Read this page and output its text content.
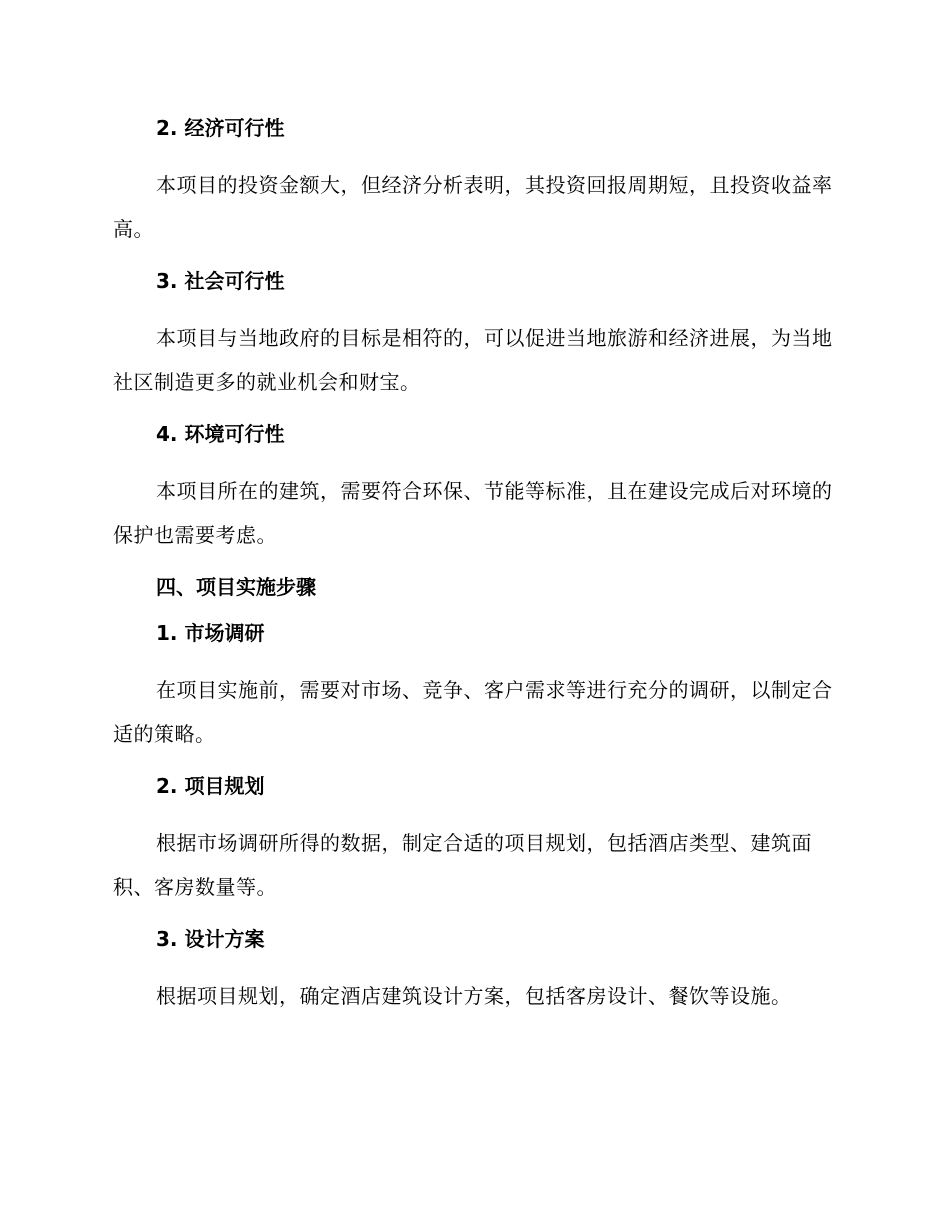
2. 经济可行性

本项目的投资金额大，但经济分析表明，其投资回报周期短，且投资收益率高。

3. 社会可行性

本项目与当地政府的目标是相符的，可以促进当地旅游和经济进展，为当地社区制造更多的就业机会和财宝。

4. 环境可行性

本项目所在的建筑，需要符合环保、节能等标准，且在建设完成后对环境的保护也需要考虑。

四、项目实施步骤
1. 市场调研

在项目实施前，需要对市场、竞争、客户需求等进行充分的调研，以制定合适的策略。

2. 项目规划

根据市场调研所得的数据，制定合适的项目规划，包括酒店类型、建筑面积、客房数量等。

3. 设计方案

根据项目规划，确定酒店建筑设计方案，包括客房设计、餐饮等设施。
